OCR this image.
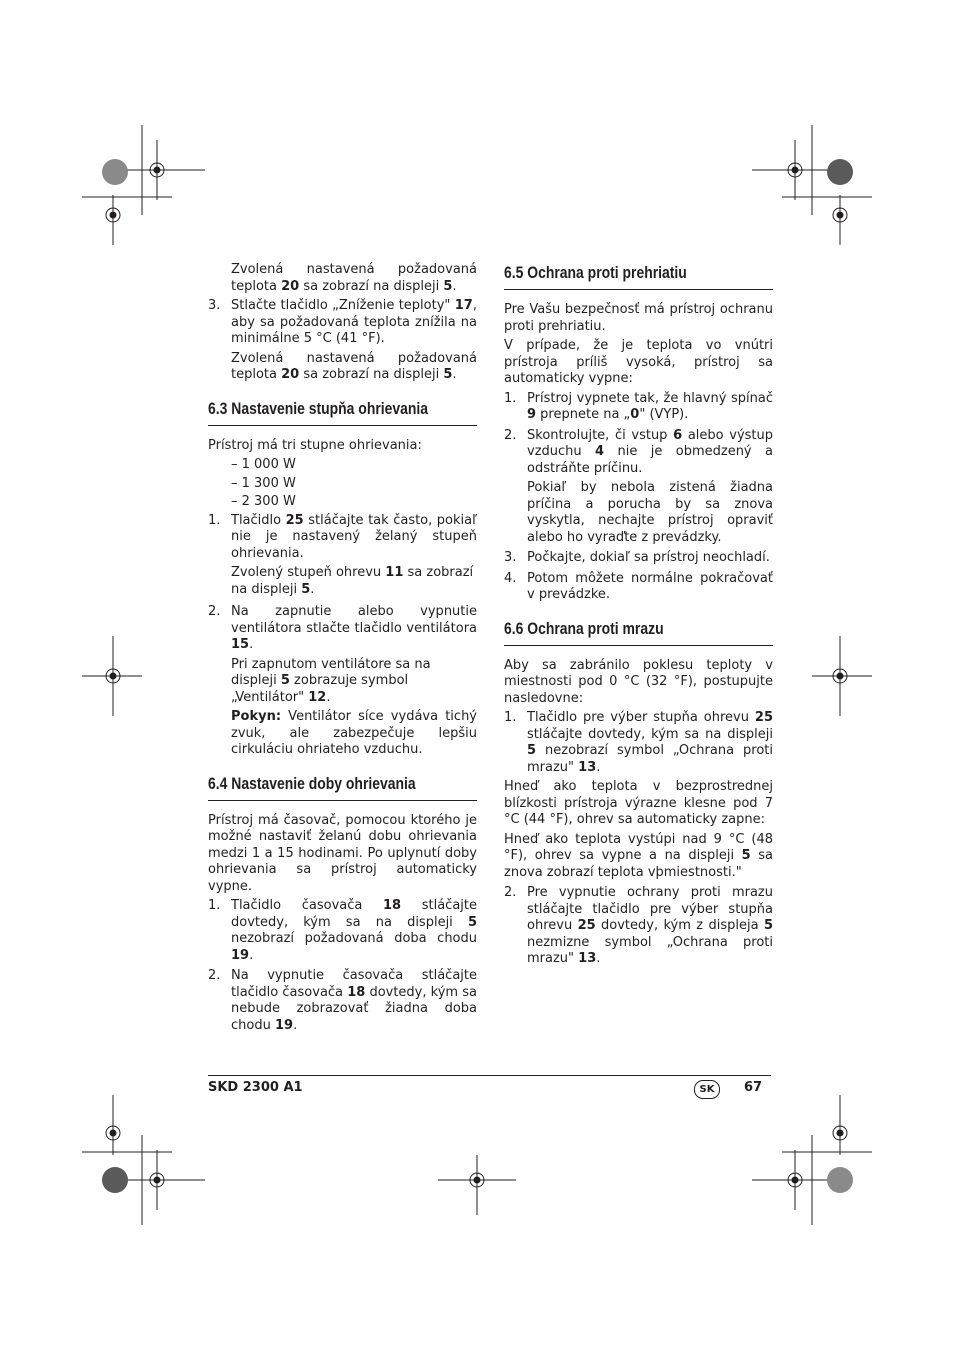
Zvolená nastavená požadovaná teplota 20 sa zobrazí na displeji 5.

3. Stlačte tlačidlo „Zníženie teploty" 17, aby sa požadovaná teplota znížila na minimálne 5 °C (41 °F).

Zvolená nastavená požadovaná teplota 20 sa zobrazí na displeji 5.

6.3 Nastavenie stupňa ohrievania

Prístroj má tri stupne ohrievania:

– 1 000 W
– 1 300 W
– 2 300 W
1. Tlačidlo 25 stláčajte tak často, pokiaľ nie je nastavený želaný stupeň ohrievania.

Zvolený stupeň ohrevu 11 sa zobrazí na displeji 5.

2. Na zapnutie alebo vypnutie ventilátora stlačte tlačidlo ventilátora 15.

Pri zapnutom ventilátore sa na displeji 5 zobrazuje symbol „Ventilátor" 12.

Pokyn: Ventilátor síce vydáva tichý zvuk, ale zabezpečuje lepšiu cirkuláciu ohriateho vzduchu.

6.4 Nastavenie doby ohrievania

Prístroj má časovač, pomocou ktorého je možné nastaviť želanú dobu ohrievania medzi 1 a 15 hodinami. Po uplynutí doby ohrievania sa prístroj automaticky vypne.

1. Tlačidlo časovača 18 stláčajte dovtedy, kým sa na displeji 5 nezobrazí požadovaná doba chodu 19.
2. Na vypnutie časovača stláčajte tlačidlo časovača 18 dovtedy, kým sa nebude zobrazovať žiadna doba chodu 19.
6.5 Ochrana proti prehriatiu

Pre Vašu bezpečnosť má prístroj ochranu proti prehriatiu.

V prípade, že je teplota vo vnútri prístroja príliš vysoká, prístroj sa automaticky vypne:

1. Prístroj vypnete tak, že hlavný spínač 9 prepnete na „0" (VYP).
2. Skontrolujte, či vstup 6 alebo výstup vzduchu 4 nie je obmedzený a odstráňte príčinu.

Pokiaľ by nebola zistená žiadna príčina a porucha by sa znova vyskytla, nechajte prístroj opraviť alebo ho vyraďte z prevádzky.

3. Počkajte, dokiaľ sa prístroj neochladí.
4. Potom môžete normálne pokračovať v prevádzke.
6.6 Ochrana proti mrazu

Aby sa zabránilo poklesu teploty v miestnosti pod 0 °C (32 °F), postupujte nasledovne:

1. Tlačidlo pre výber stupňa ohrevu 25 stláčajte dovtedy, kým sa na displeji 5 nezobrazí symbol „Ochrana proti mrazu" 13.

Hneď ako teplota v bezprostrednej blízkosti prístroja výrazne klesne pod 7 °C (44 °F), ohrev sa automaticky zapne:

Hneď ako teplota vystúpi nad 9 °C (48 °F), ohrev sa vypne a na displeji 5 sa znova zobrazí teplota vþmiestnosti."

2. Pre vypnutie ochrany proti mrazu stláčajte tlačidlo pre výber stupňa ohrevu 25 dovtedy, kým z displeja 5 nezmizne symbol „Ochrana proti mrazu" 13.
SKD 2300 A1	SK	67
